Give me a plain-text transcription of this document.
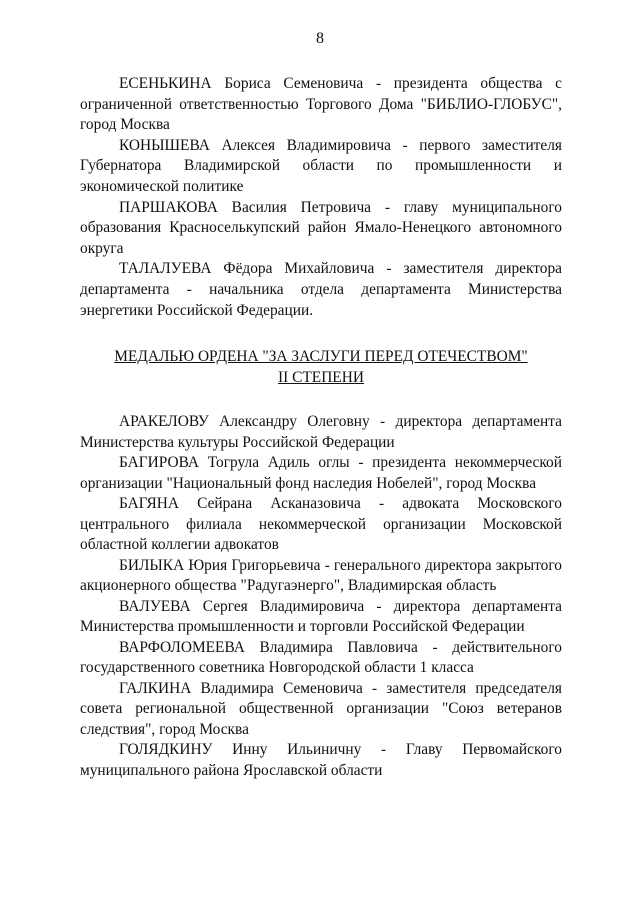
8

ЕСЕНЬКИНА Бориса Семеновича - президента общества с ограниченной ответственностью Торгового Дома "БИБЛИО-ГЛОБУС", город Москва

КОНЫШЕВА Алексея Владимировича - первого заместителя Губернатора Владимирской области по промышленности и экономической политике

ПАРШАКОВА Василия Петровича - главу муниципального образования Красноселькупский район Ямало-Ненецкого автономного округа

ТАЛАЛУЕВА Фёдора Михайловича - заместителя директора департамента - начальника отдела департамента Министерства энергетики Российской Федерации.

МЕДАЛЬЮ ОРДЕНА "ЗА ЗАСЛУГИ ПЕРЕД ОТЕЧЕСТВОМ"
II СТЕПЕНИ

АРАКЕЛОВУ Александру Олеговну - директора департамента Министерства культуры Российской Федерации

БАГИРОВА Тогрула Адиль оглы - президента некоммерческой организации "Национальный фонд наследия Нобелей", город Москва

БАГЯНА Сейрана Асканазовича - адвоката Московского центрального филиала некоммерческой организации Московской областной коллегии адвокатов

БИЛЫКА Юрия Григорьевича - генерального директора закрытого акционерного общества "Радугаэнерго", Владимирская область

ВАЛУЕВА Сергея Владимировича - директора департамента Министерства промышленности и торговли Российской Федерации

ВАРФОЛОМЕЕВА Владимира Павловича - действительного государственного советника Новгородской области 1 класса

ГАЛКИНА Владимира Семеновича - заместителя председателя совета региональной общественной организации "Союз ветеранов следствия", город Москва

ГОЛЯДКИНУ Инну Ильиничну - Главу Первомайского муниципального района Ярославской области
